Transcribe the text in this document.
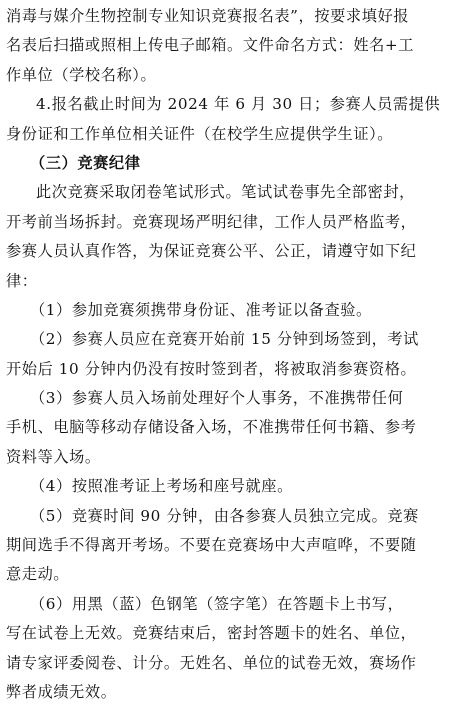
消毒与媒介生物控制专业知识竞赛报名表”，按要求填好报
名表后扫描或照相上传电子邮箱。文件命名方式：姓名+工
作单位（学校名称）。
4.报名截止时间为 2024 年 6 月 30 日；参赛人员需提供
身份证和工作单位相关证件（在校学生应提供学生证）。
（三）竞赛纪律
此次竞赛采取闭卷笔试形式。笔试试卷事先全部密封，
开考前当场拆封。竞赛现场严明纪律，工作人员严格监考，
参赛人员认真作答，为保证竞赛公平、公正，请遵守如下纪
律：
（1）参加竞赛须携带身份证、准考证以备查验。
（2）参赛人员应在竞赛开始前 15 分钟到场签到，考试
开始后 10 分钟内仍没有按时签到者，将被取消参赛资格。
（3）参赛人员入场前处理好个人事务，不准携带任何
手机、电脑等移动存储设备入场，不准携带任何书籍、参考
资料等入场。
（4）按照准考证上考场和座号就座。
（5）竞赛时间 90 分钟，由各参赛人员独立完成。竞赛
期间选手不得离开考场。不要在竞赛场中大声喧哗，不要随
意走动。
（6）用黑（蓝）色钢笔（签字笔）在答题卡上书写，
写在试卷上无效。竞赛结束后，密封答题卡的姓名、单位，
请专家评委阅卷、计分。无姓名、单位的试卷无效，赛场作
弊者成绩无效。
